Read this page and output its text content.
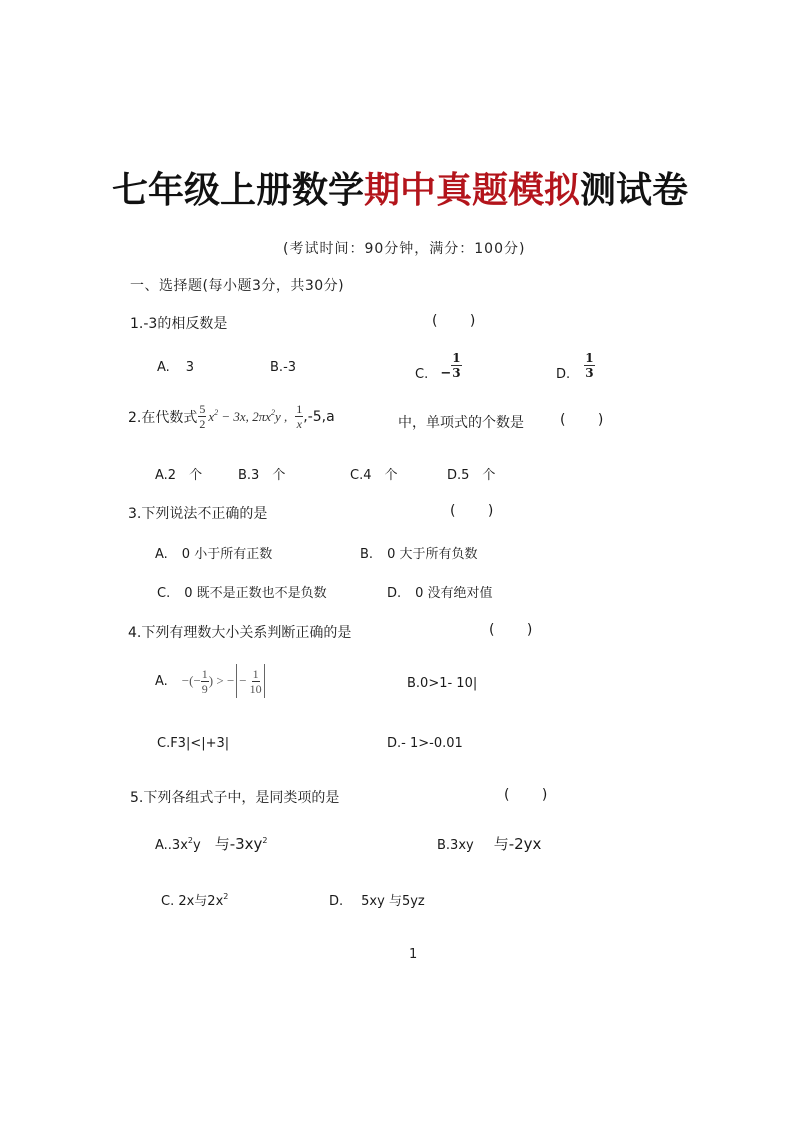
七年级上册数学期中真题模拟测试卷
(考试时间：90分钟，满分：100分)
一、选择题(每小题3分，共30分)
1.-3的相反数是	( )
A. 3	B.-3	C. − $\frac{1}{3}$	D. $\frac{1}{3}$
2.在代数式 $\frac{5}{2} x^2 - 3x$, $2\pi x^2y$ , $\frac{1}{x} ,-5,a$	中，单项式的个数是	( )
A.2　个	B.3　个	C.4　个	D.5　个
3.下列说法不正确的是	( )
A. 0 小于所有正数	B. 0 大于所有负数
C. 0 既不是正数也不是负数	D. 0 没有绝对值
4.下列有理数大小关系判断正确的是	( )
A. −(− $\frac{1}{9}$ ) > − − $\frac{1}{10}$	B.0>1- 10|
C.F3|<|+3|	D.- 1>-0.01
5.下列各组式子中，是同类项的是	( )
$A..3x^2y$ 与$-3xy^2$	B.3xy 与-2yx
C. 2x与$2x^2$	D. 5xy 与5yz
1
